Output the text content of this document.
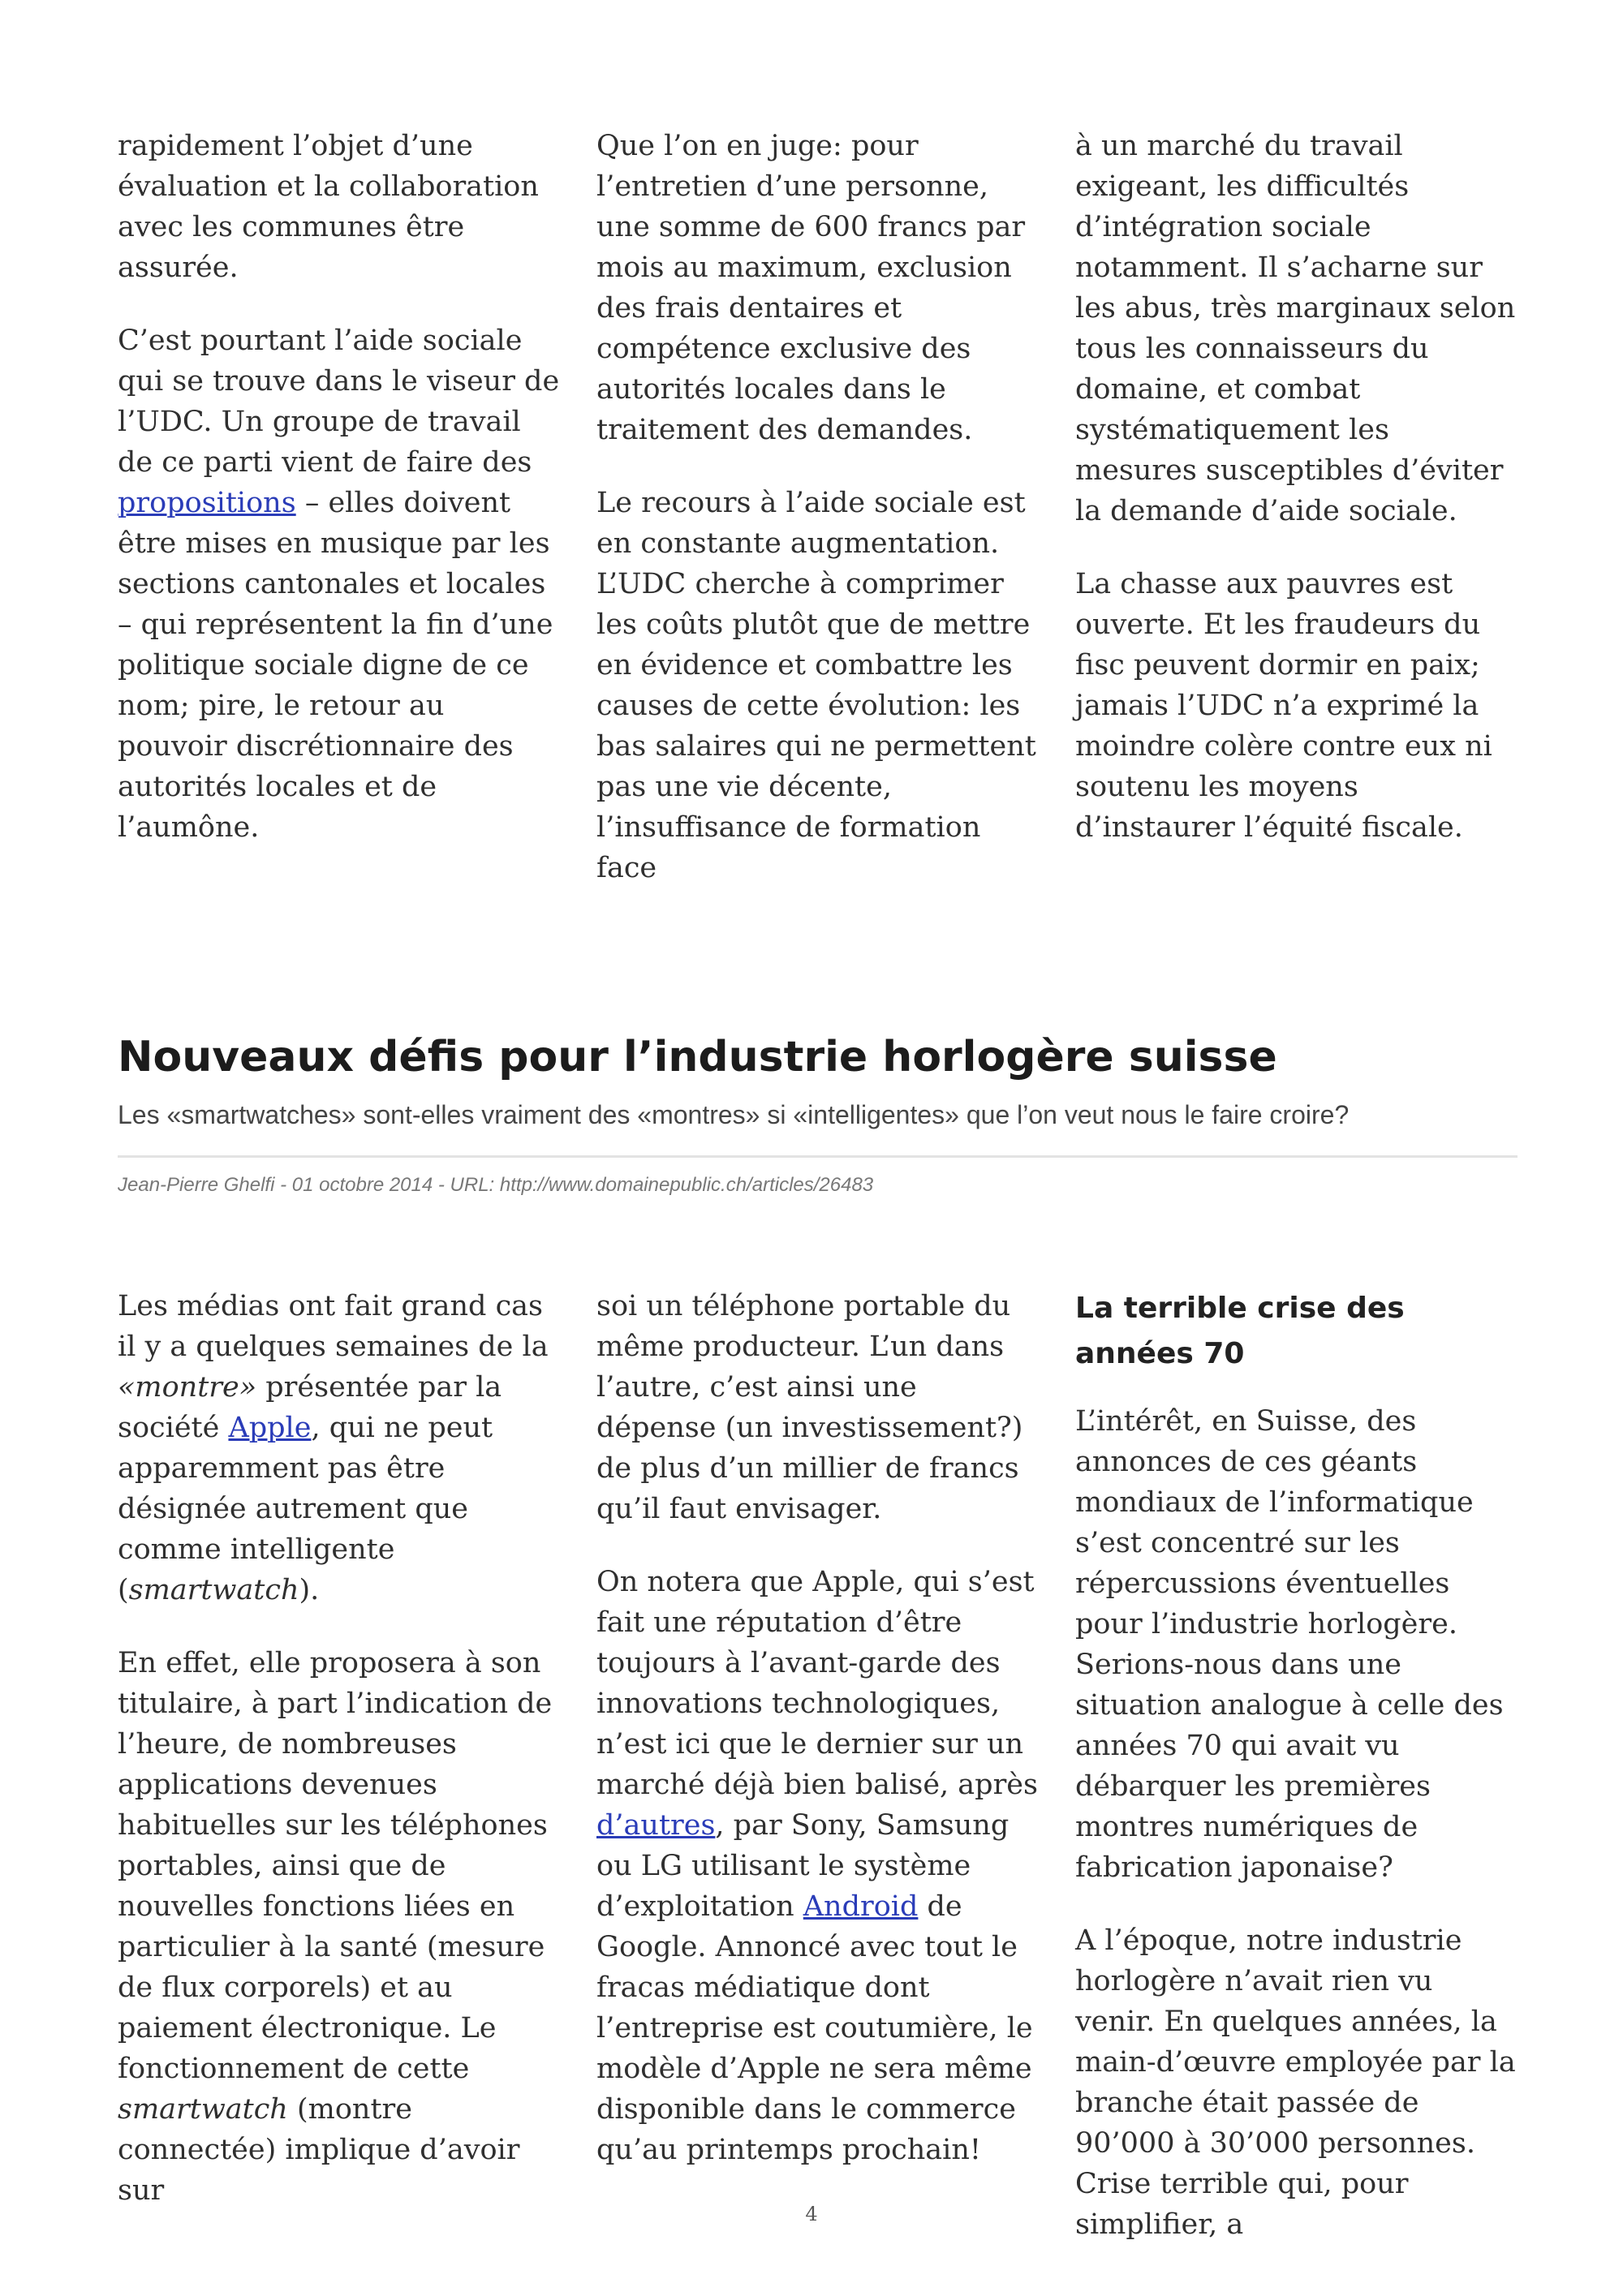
rapidement l’objet d’une évaluation et la collaboration avec les communes être assurée.

C’est pourtant l’aide sociale qui se trouve dans le viseur de l’UDC. Un groupe de travail de ce parti vient de faire des propositions – elles doivent être mises en musique par les sections cantonales et locales – qui représentent la fin d’une politique sociale digne de ce nom; pire, le retour au pouvoir discrétionnaire des autorités locales et de l’aumône.

Que l’on en juge: pour l’entretien d’une personne, une somme de 600 francs par mois au maximum, exclusion des frais dentaires et compétence exclusive des autorités locales dans le traitement des demandes.

Le recours à l’aide sociale est en constante augmentation. L’UDC cherche à comprimer les coûts plutôt que de mettre en évidence et combattre les causes de cette évolution: les bas salaires qui ne permettent pas une vie décente, l’insuffisance de formation face

à un marché du travail exigeant, les difficultés d’intégration sociale notamment. Il s’acharne sur les abus, très marginaux selon tous les connaisseurs du domaine, et combat systématiquement les mesures susceptibles d’éviter la demande d’aide sociale.

La chasse aux pauvres est ouverte. Et les fraudeurs du fisc peuvent dormir en paix; jamais l’UDC n’a exprimé la moindre colère contre eux ni soutenu les moyens d’instaurer l’équité fiscale.

Nouveaux défis pour l’industrie horlogère suisse

Les «smartwatches» sont-elles vraiment des «montres» si «intelligentes» que l’on veut nous le faire croire?

Jean-Pierre Ghelfi - 01 octobre 2014 - URL: http://www.domainepublic.ch/articles/26483

Les médias ont fait grand cas il y a quelques semaines de la «montre» présentée par la société Apple, qui ne peut apparemment pas être désignée autrement que comme intelligente (smartwatch).

En effet, elle proposera à son titulaire, à part l’indication de l’heure, de nombreuses applications devenues habituelles sur les téléphones portables, ainsi que de nouvelles fonctions liées en particulier à la santé (mesure de flux corporels) et au paiement électronique. Le fonctionnement de cette smartwatch (montre connectée) implique d’avoir sur

soi un téléphone portable du même producteur. L’un dans l’autre, c’est ainsi une dépense (un investissement?) de plus d’un millier de francs qu’il faut envisager.

On notera que Apple, qui s’est fait une réputation d’être toujours à l’avant-garde des innovations technologiques, n’est ici que le dernier sur un marché déjà bien balisé, après d’autres, par Sony, Samsung ou LG utilisant le système d’exploitation Android de Google. Annoncé avec tout le fracas médiatique dont l’entreprise est coutumière, le modèle d’Apple ne sera même disponible dans le commerce qu’au printemps prochain!

La terrible crise des années 70

L’intérêt, en Suisse, des annonces de ces géants mondiaux de l’informatique s’est concentré sur les répercussions éventuelles pour l’industrie horlogère. Serions-nous dans une situation analogue à celle des années 70 qui avait vu débarquer les premières montres numériques de fabrication japonaise?

A l’époque, notre industrie horlogère n’avait rien vu venir. En quelques années, la main-d’œuvre employée par la branche était passée de 90’000 à 30’000 personnes. Crise terrible qui, pour simplifier, a

4
